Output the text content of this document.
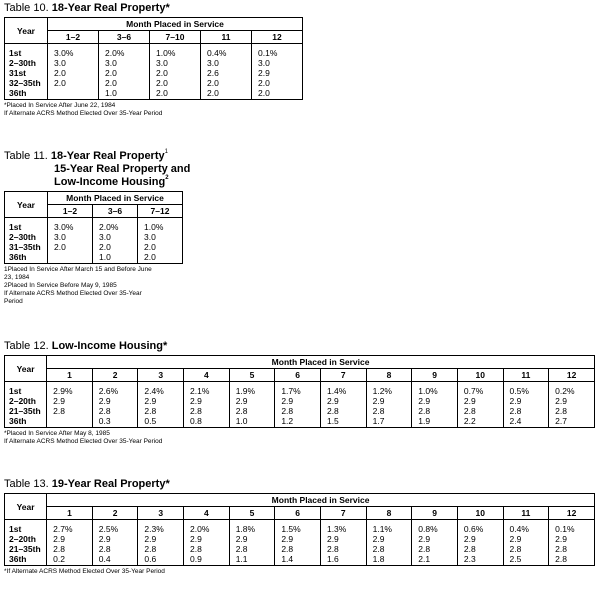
Table 10. 18-Year Real Property*
Year	Month Placed in Service				
	1–2	3–6	7–10	11	12

1st	3.0%	2.0%	1.0%	0.4%	0.1%
2–30th	3.0	3.0	3.0	3.0	3.0
31st	2.0	2.0	2.0	2.6	2.9
32–35th	2.0	2.0	2.0	2.0	2.0
36th		1.0	2.0	2.0	2.0
*Placed In Service After June 22, 1984
If Alternate ACRS Method Elected Over 35-Year Period
Table 11. 18-Year Real Property$^1$
15-Year Real Property and
Low-Income Housing$^2$
Year	Month Placed in Service		
	1–2	3–6	7–12

1st	3.0%	2.0%	1.0%
2–30th	3.0	3.0	3.0
31–35th	2.0	2.0	2.0
36th		1.0	2.0
1Placed In Service After March 15 and Before June
23, 1984
2Placed In Service Before May 9, 1985
If Alternate ACRS Method Elected Over 35-Year
Period
Table 12. Low-Income Housing*
Year	Month Placed in Service											
	1	2	3	4	5	6	7	8	9	10	11	12

1st	2.9%	2.6%	2.4%	2.1%	1.9%	1.7%	1.4%	1.2%	1.0%	0.7%	0.5%	0.2%
2–20th	2.9	2.9	2.9	2.9	2.9	2.9	2.9	2.9	2.9	2.9	2.9	2.9
21–35th	2.8	2.8	2.8	2.8	2.8	2.8	2.8	2.8	2.8	2.8	2.8	2.8
36th		0.3	0.5	0.8	1.0	1.2	1.5	1.7	1.9	2.2	2.4	2.7
*Placed In Service After May 8, 1985
If Alternate ACRS Method Elected Over 35-Year Period
Table 13. 19-Year Real Property*
Year	Month Placed in Service											
	1	2	3	4	5	6	7	8	9	10	11	12

1st	2.7%	2.5%	2.3%	2.0%	1.8%	1.5%	1.3%	1.1%	0.8%	0.6%	0.4%	0.1%
2–20th	2.9	2.9	2.9	2.9	2.9	2.9	2.9	2.9	2.9	2.9	2.9	2.9
21–35th	2.8	2.8	2.8	2.8	2.8	2.8	2.8	2.8	2.8	2.8	2.8	2.8
36th	0.2	0.4	0.6	0.9	1.1	1.4	1.6	1.8	2.1	2.3	2.5	2.8
*If Alternate ACRS Method Elected Over 35-Year Period
